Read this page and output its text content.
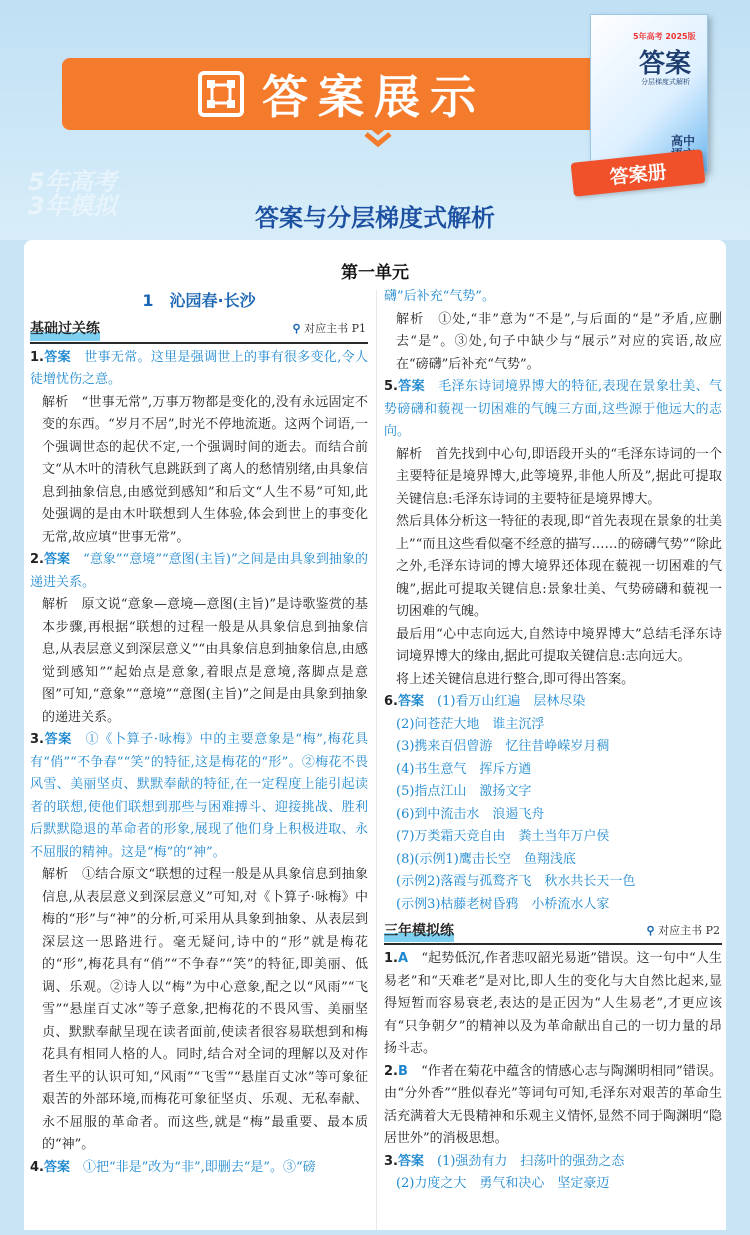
答案展示
5年高考 2025版
答案
分层梯度式解析
高中
答案册
5年高考 3年模拟	答案与分层梯度式解析
第一单元
1　沁园春·长沙
基础过关练	⚲ 对应主书 P1
1.答案　 世事无常。这里是强调世上的事有很多变化,令人徒增忧伤之意。
解析　 “世事无常”,万事万物都是变化的,没有永远固定不变的东西。“岁月不居”,时光不停地流逝。这两个词语,一个强调世态的起伏不定,一个强调时间的逝去。而结合前文“从木叶的清秋气息跳跃到了离人的愁情别绪,由具象信息到抽象信息,由感觉到感知”和后文“人生不易”可知,此处强调的是由木叶联想到人生体验,体会到世上的事变化无常,故应填“世事无常”。
2.答案　 “意象”“意境”“意图(主旨)”之间是由具象到抽象的递进关系。
解析　 原文说“意象—意境—意图(主旨)”是诗歌鉴赏的基本步骤,再根据“联想的过程一般是从具象信息到抽象信息,从表层意义到深层意义”“由具象信息到抽象信息,由感觉到感知”“起始点是意象,着眼点是意境,落脚点是意图”可知,“意象”“意境”“意图(主旨)”之间是由具象到抽象的递进关系。
3.答案　 ①《卜算子·咏梅》中的主要意象是“梅”,梅花具有“俏”“不争春”“笑”的特征,这是梅花的“形”。②梅花不畏风雪、美丽坚贞、默默奉献的特征,在一定程度上能引起读者的联想,使他们联想到那些与困难搏斗、迎接挑战、胜利后默默隐退的革命者的形象,展现了他们身上积极进取、永不屈服的精神。这是“梅”的“神”。
解析　 ①结合原文“联想的过程一般是从具象信息到抽象信息,从表层意义到深层意义”可知,对《卜算子·咏梅》中梅的“形”与“神”的分析,可采用从具象到抽象、从表层到深层这一思路进行。毫无疑问,诗中的“形”就是梅花的“形”,梅花具有“俏”“不争春”“笑”的特征,即美丽、低调、乐观。②诗人以“梅”为中心意象,配之以“风雨”“飞雪”“悬崖百丈冰”等子意象,把梅花的不畏风雪、美丽坚贞、默默奉献呈现在读者面前,使读者很容易联想到和梅花具有相同人格的人。同时,结合对全词的理解以及对作者生平的认识可知,“风雨”“飞雪”“悬崖百丈冰”等可象征艰苦的外部环境,而梅花可象征坚贞、乐观、无私奉献、永不屈服的革命者。而这些,就是“梅”最重要、最本质的“神”。
4.答案　 ①把“非是”改为“非”,即删去“是”。③“磅
礴”后补充“气势”。
解析　 ①处,“非”意为“不是”,与后面的“是”矛盾,应删去“是”。③处,句子中缺少与“展示”对应的宾语,故应在“磅礴”后补充“气势”。
5.答案　 毛泽东诗词境界博大的特征,表现在景象壮美、气势磅礴和藐视一切困难的气魄三方面,这些源于他远大的志向。
解析　 首先找到中心句,即语段开头的“毛泽东诗词的一个主要特征是境界博大,此等境界,非他人所及”,据此可提取关键信息:毛泽东诗词的主要特征是境界博大。
然后具体分析这一特征的表现,即“首先表现在景象的壮美上”“而且这些看似毫不经意的描写……的磅礴气势”“除此之外,毛泽东诗词的博大境界还体现在藐视一切困难的气魄”,据此可提取关键信息:景象壮美、气势磅礴和藐视一切困难的气魄。
最后用“心中志向远大,自然诗中境界博大”总结毛泽东诗词境界博大的缘由,据此可提取关键信息:志向远大。
将上述关键信息进行整合,即可得出答案。
6.答案　 (1)看万山红遍　层林尽染
(2)问苍茫大地　谁主沉浮
(3)携来百侣曾游　忆往昔峥嵘岁月稠
(4)书生意气　挥斥方遒
(5)指点江山　激扬文字
(6)到中流击水　浪遏飞舟
(7)万类霜天竞自由　粪土当年万户侯
(8)(示例1)鹰击长空　鱼翔浅底
(示例2)落霞与孤鹜齐飞　秋水共长天一色
(示例3)枯藤老树昏鸦　小桥流水人家
三年模拟练	⚲ 对应主书 P2
1.A　 “起势低沉,作者悲叹韶光易逝”错误。这一句中“人生易老”和“天难老”是对比,即人生的变化与大自然比起来,显得短暂而容易衰老,表达的是正因为“人生易老”,才更应该有“只争朝夕”的精神以及为革命献出自己的一切力量的昂扬斗志。
2.B　 “作者在菊花中蕴含的情感心志与陶渊明相同”错误。由“分外香”“胜似春光”等词句可知,毛泽东对艰苦的革命生活充满着大无畏精神和乐观主义情怀,显然不同于陶渊明“隐居世外”的消极思想。
3.答案　 (1)强劲有力　扫荡叶的强劲之态
(2)力度之大　勇气和决心　坚定豪迈
